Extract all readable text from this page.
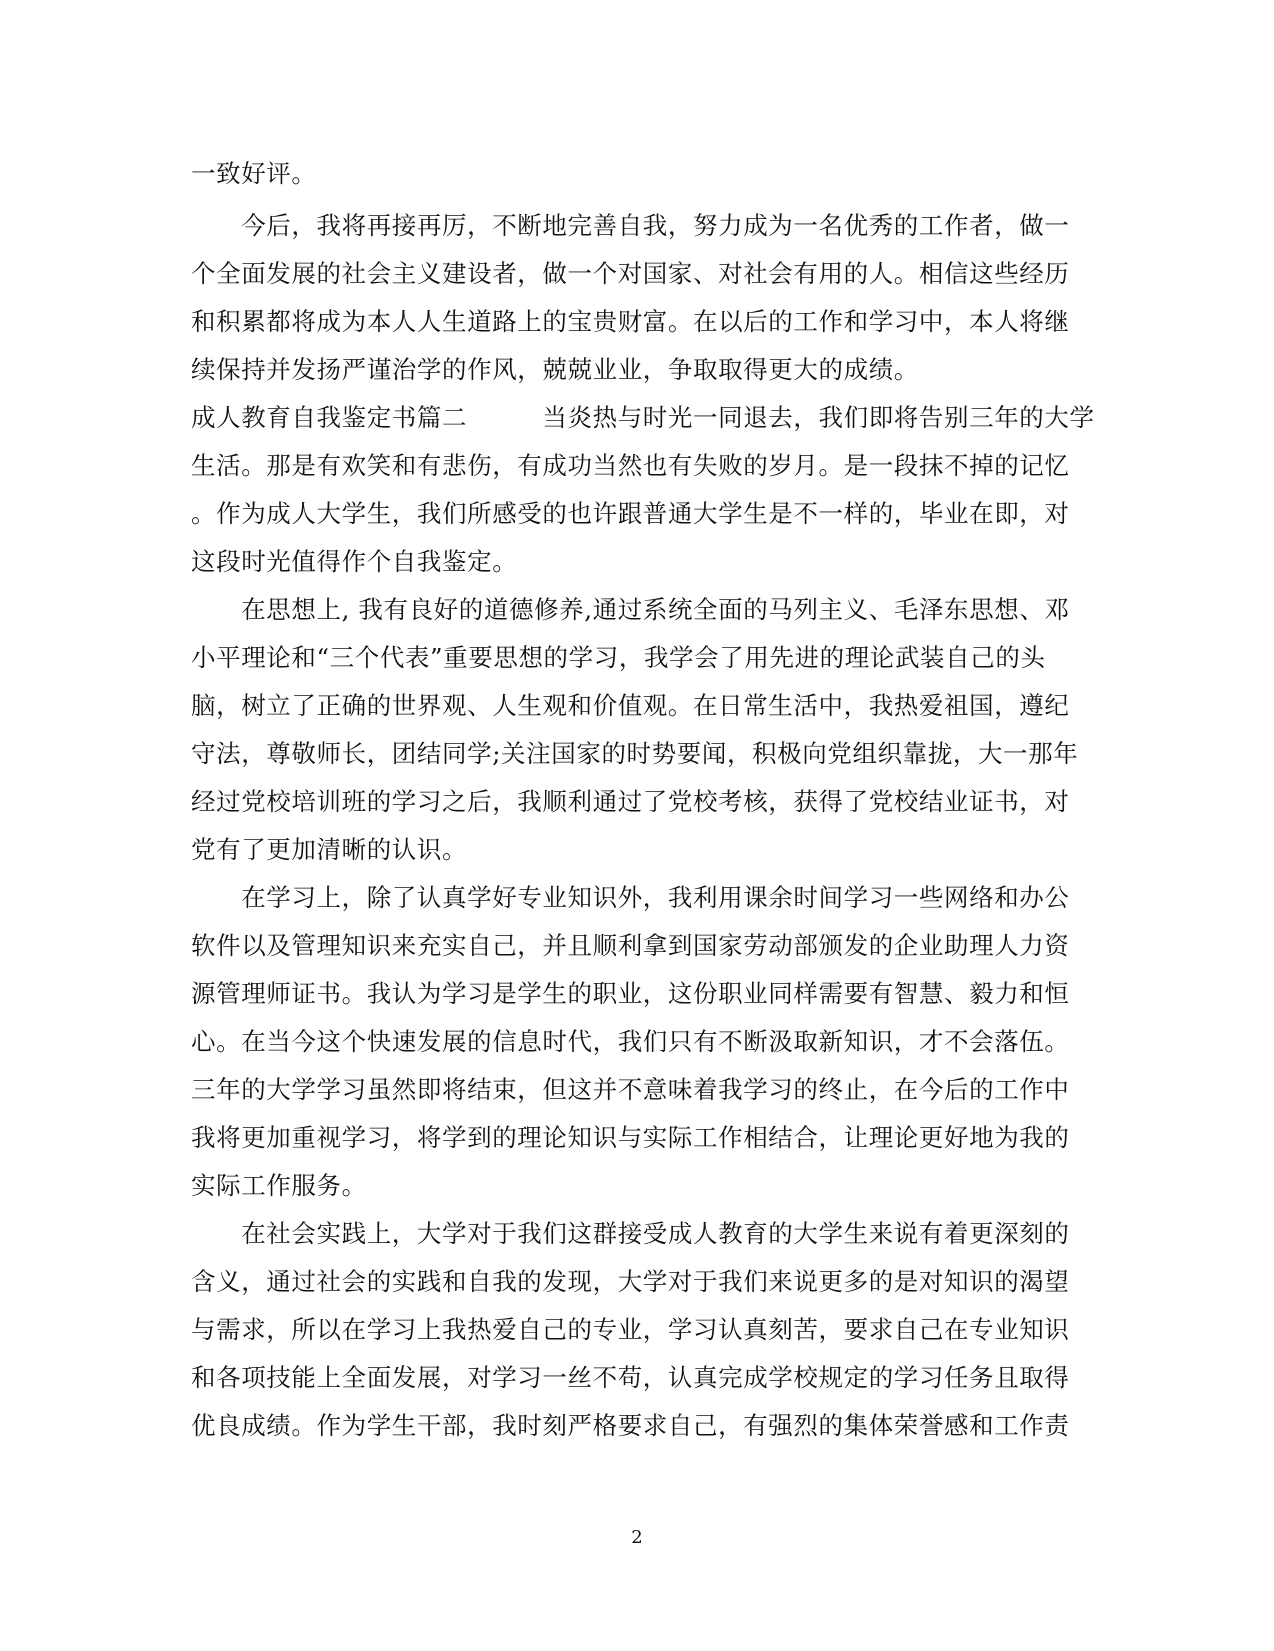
一致好评。
　　今后，我将再接再厉，不断地完善自我，努力成为一名优秀的工作者，做一
个全面发展的社会主义建设者，做一个对国家、对社会有用的人。相信这些经历
和积累都将成为本人人生道路上的宝贵财富。在以后的工作和学习中，本人将继
续保持并发扬严谨治学的作风，兢兢业业，争取取得更大的成绩。
成人教育自我鉴定书篇二　　　当炎热与时光一同退去，我们即将告别三年的大学
生活。那是有欢笑和有悲伤，有成功当然也有失败的岁月。是一段抹不掉的记忆
。作为成人大学生，我们所感受的也许跟普通大学生是不一样的，毕业在即，对
这段时光值得作个自我鉴定。
　　在思想上, 我有良好的道德修养,通过系统全面的马列主义、毛泽东思想、邓
小平理论和“三个代表”重要思想的学习，我学会了用先进的理论武装自己的头
脑，树立了正确的世界观、人生观和价值观。在日常生活中，我热爱祖国，遵纪
守法，尊敬师长，团结同学;关注国家的时势要闻，积极向党组织靠拢，大一那年
经过党校培训班的学习之后，我顺利通过了党校考核，获得了党校结业证书，对
党有了更加清晰的认识。
　　在学习上，除了认真学好专业知识外，我利用课余时间学习一些网络和办公
软件以及管理知识来充实自己，并且顺利拿到国家劳动部颁发的企业助理人力资
源管理师证书。我认为学习是学生的职业，这份职业同样需要有智慧、毅力和恒
心。在当今这个快速发展的信息时代，我们只有不断汲取新知识，才不会落伍。
三年的大学学习虽然即将结束，但这并不意味着我学习的终止，在今后的工作中
我将更加重视学习，将学到的理论知识与实际工作相结合，让理论更好地为我的
实际工作服务。
　　在社会实践上，大学对于我们这群接受成人教育的大学生来说有着更深刻的
含义，通过社会的实践和自我的发现，大学对于我们来说更多的是对知识的渴望
与需求，所以在学习上我热爱自己的专业，学习认真刻苦，要求自己在专业知识
和各项技能上全面发展，对学习一丝不苟，认真完成学校规定的学习任务且取得
优良成绩。作为学生干部，我时刻严格要求自己，有强烈的集体荣誉感和工作责
2
